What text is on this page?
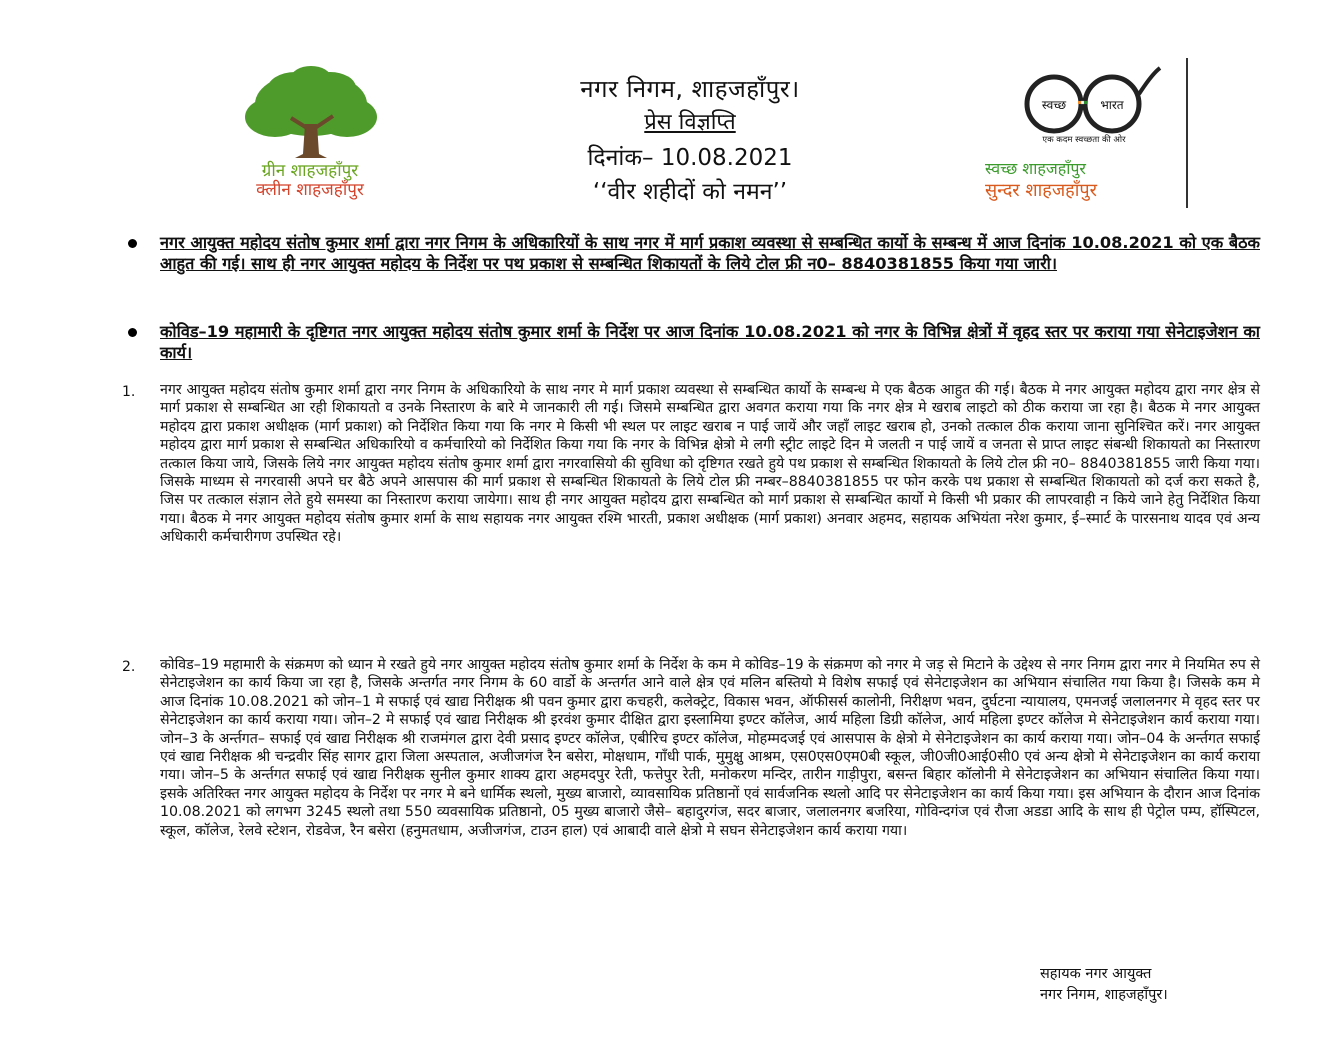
ग्रीन शाहजहाँपुर
क्लीन शाहजहाँपुर
नगर निगम, शाहजहाँपुर।
प्रेस विज्ञप्ति
दिनांक– 10.08.2021
‘‘वीर शहीदों को नमन’’
स्वच्छ	भारत
एक कदम स्वच्छता की ओर
स्वच्छ शाहजहाँपुर
सुन्दर शाहजहाँपुर
नगर आयुक्त महोदय संतोष कुमार शर्मा द्वारा नगर निगम के अधिकारियों के साथ नगर में मार्ग प्रकाश व्यवस्था से सम्बन्धित कार्यो के सम्बन्ध में आज दिनांक 10.08.2021 को एक बैठक आहुत की गई। साथ ही नगर आयुक्त महोदय के निर्देश पर पथ प्रकाश से सम्बन्धित शिकायतों के लिये टोल फ्री न0– 8840381855 किया गया जारी।
कोविड–19 महामारी के दृष्टिगत नगर आयुक्त महोदय संतोष कुमार शर्मा के निर्देश पर आज दिनांक 10.08.2021 को नगर के विभिन्न क्षेत्रों में वृहद स्तर पर कराया गया सेनेटाइजेशन का कार्य।
1. नगर आयुक्त महोदय संतोष कुमार शर्मा द्वारा नगर निगम के अधिकारियो के साथ नगर मे मार्ग प्रकाश व्यवस्था से सम्बन्धित कार्यो के सम्बन्ध मे एक बैठक आहुत की गई। बैठक मे नगर आयुक्त महोदय द्वारा नगर क्षेत्र से मार्ग प्रकाश से सम्बन्धित आ रही शिकायतो व उनके निस्तारण के बारे मे जानकारी ली गई। जिसमे सम्बन्धित द्वारा अवगत कराया गया कि नगर क्षेत्र मे खराब लाइटो को ठीक कराया जा रहा है। बैठक मे नगर आयुक्त महोदय द्वारा प्रकाश अधीक्षक (मार्ग प्रकाश) को निर्देशित किया गया कि नगर मे किसी भी स्थल पर लाइट खराब न पाई जायें और जहाँ लाइट खराब हो, उनको तत्काल ठीक कराया जाना सुनिश्चित करें। नगर आयुक्त महोदय द्वारा मार्ग प्रकाश से सम्बन्धित अधिकारियो व कर्मचारियो को निर्देशित किया गया कि नगर के विभिन्न क्षेत्रो मे लगी स्ट्रीट लाइटे दिन मे जलती न पाई जायें व जनता से प्राप्त लाइट संबन्धी शिकायतो का निस्तारण तत्काल किया जाये, जिसके लिये नगर आयुक्त महोदय संतोष कुमार शर्मा द्वारा नगरवासियो की सुविधा को दृष्टिगत रखते हुये पथ प्रकाश से सम्बन्धित शिकायतो के लिये टोल फ्री न0– 8840381855 जारी किया गया। जिसके माध्यम से नगरवासी अपने घर बैठे अपने आसपास की मार्ग प्रकाश से सम्बन्धित शिकायतो के लिये टोल फ्री नम्बर–8840381855 पर फोन करके पथ प्रकाश से सम्बन्धित शिकायतो को दर्ज करा सकते है, जिस पर तत्काल संज्ञान लेते हुये समस्या का निस्तारण कराया जायेगा। साथ ही नगर आयुक्त महोदय द्वारा सम्बन्धित को मार्ग प्रकाश से सम्बन्धित कार्यो मे किसी भी प्रकार की लापरवाही न किये जाने हेतु निर्देशित किया गया। बैठक मे नगर आयुक्त महोदय संतोष कुमार शर्मा के साथ सहायक नगर आयुक्त रश्मि भारती, प्रकाश अधीक्षक (मार्ग प्रकाश) अनवार अहमद, सहायक अभियंता नरेश कुमार, ई–स्मार्ट के पारसनाथ यादव एवं अन्य अधिकारी कर्मचारीगण उपस्थित रहे।
2. कोविड–19 महामारी के संक्रमण को ध्यान मे रखते हुये नगर आयुक्त महोदय संतोष कुमार शर्मा के निर्देश के कम मे कोविड–19 के संक्रमण को नगर मे जड़ से मिटाने के उद्देश्य से नगर निगम द्वारा नगर मे नियमित रुप से सेनेटाइजेशन का कार्य किया जा रहा है, जिसके अन्तर्गत नगर निगम के 60 वार्डो के अन्तर्गत आने वाले क्षेत्र एवं मलिन बस्तियो मे विशेष सफाई एवं सेनेटाइजेशन का अभियान संचालित गया किया है। जिसके कम मे आज दिनांक 10.08.2021 को जोन–1 मे सफाई एवं खाद्य निरीक्षक श्री पवन कुमार द्वारा कचहरी, कलेक्ट्रेट, विकास भवन, ऑफीसर्स कालोनी, निरीक्षण भवन, दुर्घटना न्यायालय, एमनजई जलालनगर मे वृहद स्तर पर सेनेटाइजेशन का कार्य कराया गया। जोन–2 मे सफाई एवं खाद्य निरीक्षक श्री इरवंश कुमार दीक्षित द्वारा इस्लामिया इण्टर कॉलेज, आर्य महिला डिग्री कॉलेज, आर्य महिला इण्टर कॉलेज मे सेनेटाइजेशन कार्य कराया गया। जोन–3 के अर्न्तगत– सफाई एवं खाद्य निरीक्षक श्री राजमंगल द्वारा देवी प्रसाद इण्टर कॉलेज, एबीरिच इण्टर कॉलेज, मोहम्मदजई एवं आसपास के क्षेत्रो मे सेनेटाइजेशन का कार्य कराया गया। जोन–04 के अर्न्तगत सफाई एवं खाद्य निरीक्षक श्री चन्द्रवीर सिंह सागर द्वारा जिला अस्पताल, अजीजगंज रैन बसेरा, मोक्षधाम, गाँधी पार्क, मुमुक्षु आश्रम, एस0एस0एम0बी स्कूल, जी0जी0आई0सी0 एवं अन्य क्षेत्रो मे सेनेटाइजेशन का कार्य कराया गया। जोन–5 के अर्न्तगत सफाई एवं खाद्य निरीक्षक सुनील कुमार शाक्य द्वारा अहमदपुर रेती, फत्तेपुर रेती, मनोकरण मन्दिर, तारीन गाड़ीपुरा, बसन्त बिहार कॉलोनी मे सेनेटाइजेशन का अभियान संचालित किया गया। इसके अतिरिक्त नगर आयुक्त महोदय के निर्देश पर नगर मे बने धार्मिक स्थलो, मुख्य बाजारो, व्यावसायिक प्रतिष्ठानों एवं सार्वजनिक स्थलो आदि पर सेनेटाइजेशन का कार्य किया गया। इस अभियान के दौरान आज दिनांक 10.08.2021 को लगभग 3245 स्थलो तथा 550 व्यवसायिक प्रतिष्ठानो, 05 मुख्य बाजारो जैसे– बहादुरगंज, सदर बाजार, जलालनगर बजरिया, गोविन्दगंज एवं रौजा अडडा आदि के साथ ही पेट्रोल पम्प, हॉस्पिटल, स्कूल, कॉलेज, रेलवे स्टेशन, रोडवेज, रैन बसेरा (हनुमतधाम, अजीजगंज, टाउन हाल) एवं आबादी वाले क्षेत्रो मे सघन सेनेटाइजेशन कार्य कराया गया।
सहायक नगर आयुक्त
नगर निगम, शाहजहाँपुर।
